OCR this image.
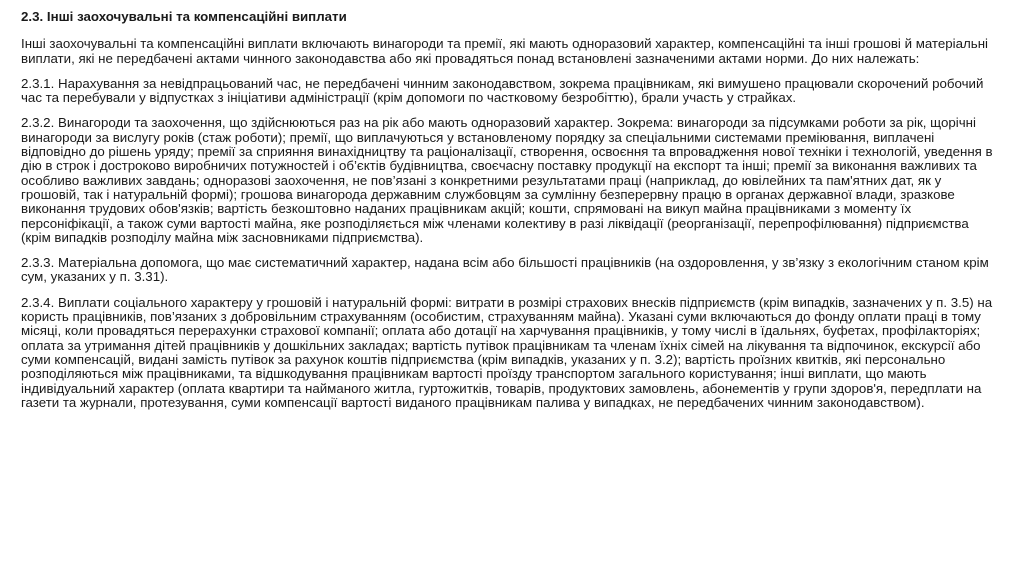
2.3. Інші заохочувальні та компенсаційні виплати

Інші заохочувальні та компенсаційні виплати включають винагороди та премії, які мають одноразовий характер, компенсаційні та інші грошові й матеріальні виплати, які не передбачені актами чинного законодавства або які провадяться понад встановлені зазначеними актами норми. До них належать:

2.3.1. Нарахування за невідпрацьований час, не передбачені чинним законодавством, зокрема працівникам, які вимушено працювали скорочений робочий час та перебували у відпустках з ініціативи адміністрації (крім допомоги по частковому безробіттю), брали участь у страйках.

2.3.2. Винагороди та заохочення, що здійснюються раз на рік або мають одноразовий характер. Зокрема: винагороди за підсумками роботи за рік, щорічні винагороди за вислугу років (стаж роботи); премії, що виплачуються у встановленому порядку за спеціальними системами преміювання, виплачені відповідно до рішень уряду; премії за сприяння винахідництву та раціоналізації, створення, освоєння та впровадження нової техніки і технологій, уведення в дію в строк і достроково виробничих потужностей і об’єктів будівництва, своєчасну поставку продукції на експорт та інші; премії за виконання важливих та особливо важливих завдань; одноразові заохочення, не пов’язані з конкретними результатами праці (наприклад, до ювілейних та пам'ятних дат, як у грошовій, так і натуральній формі); грошова винагорода державним службовцям за сумлінну безперервну працю в органах державної влади, зразкове виконання трудових обов'язків; вартість безкоштовно наданих працівникам акцій; кошти, спрямовані на викуп майна працівниками з моменту їх персоніфікації, а також суми вартості майна, яке розподіляється між членами колективу в разі ліквідації (реорганізації, перепрофілювання) підприємства (крім випадків розподілу майна між засновниками підприємства).

2.3.3. Матеріальна допомога, що має систематичний характер, надана всім або більшості працівників (на оздоровлення, у зв’язку з екологічним станом крім сум, указаних у п. 3.31).

2.3.4. Виплати соціального характеру у грошовій і натуральній формі: витрати в розмірі страхових внесків підприємств (крім випадків, зазначених у п. 3.5) на користь працівників, пов’язаних з добровільним страхуванням (особистим, страхуванням майна). Указані суми включаються до фонду оплати праці в тому місяці, коли провадяться перерахунки страхової компанії; оплата або дотації на харчування працівників, у тому числі в їдальнях, буфетах, профілакторіях; оплата за утримання дітей працівників у дошкільних закладах; вартість путівок працівникам та членам їхніх сімей на лікування та відпочинок, екскурсії або суми компенсацій, видані замість путівок за рахунок коштів підприємства (крім випадків, указаних у п. 3.2); вартість проїзних квитків, які персонально розподіляються між працівниками, та відшкодування працівникам вартості проїзду транспортом загального користування; інші виплати, що мають індивідуальний характер (оплата квартири та найманого житла, гуртожитків, товарів, продуктових замовлень, абонементів у групи здоров'я, передплати на газети та журнали, протезування, суми компенсації вартості виданого працівникам палива у випадках, не передбачених чинним законодавством).
